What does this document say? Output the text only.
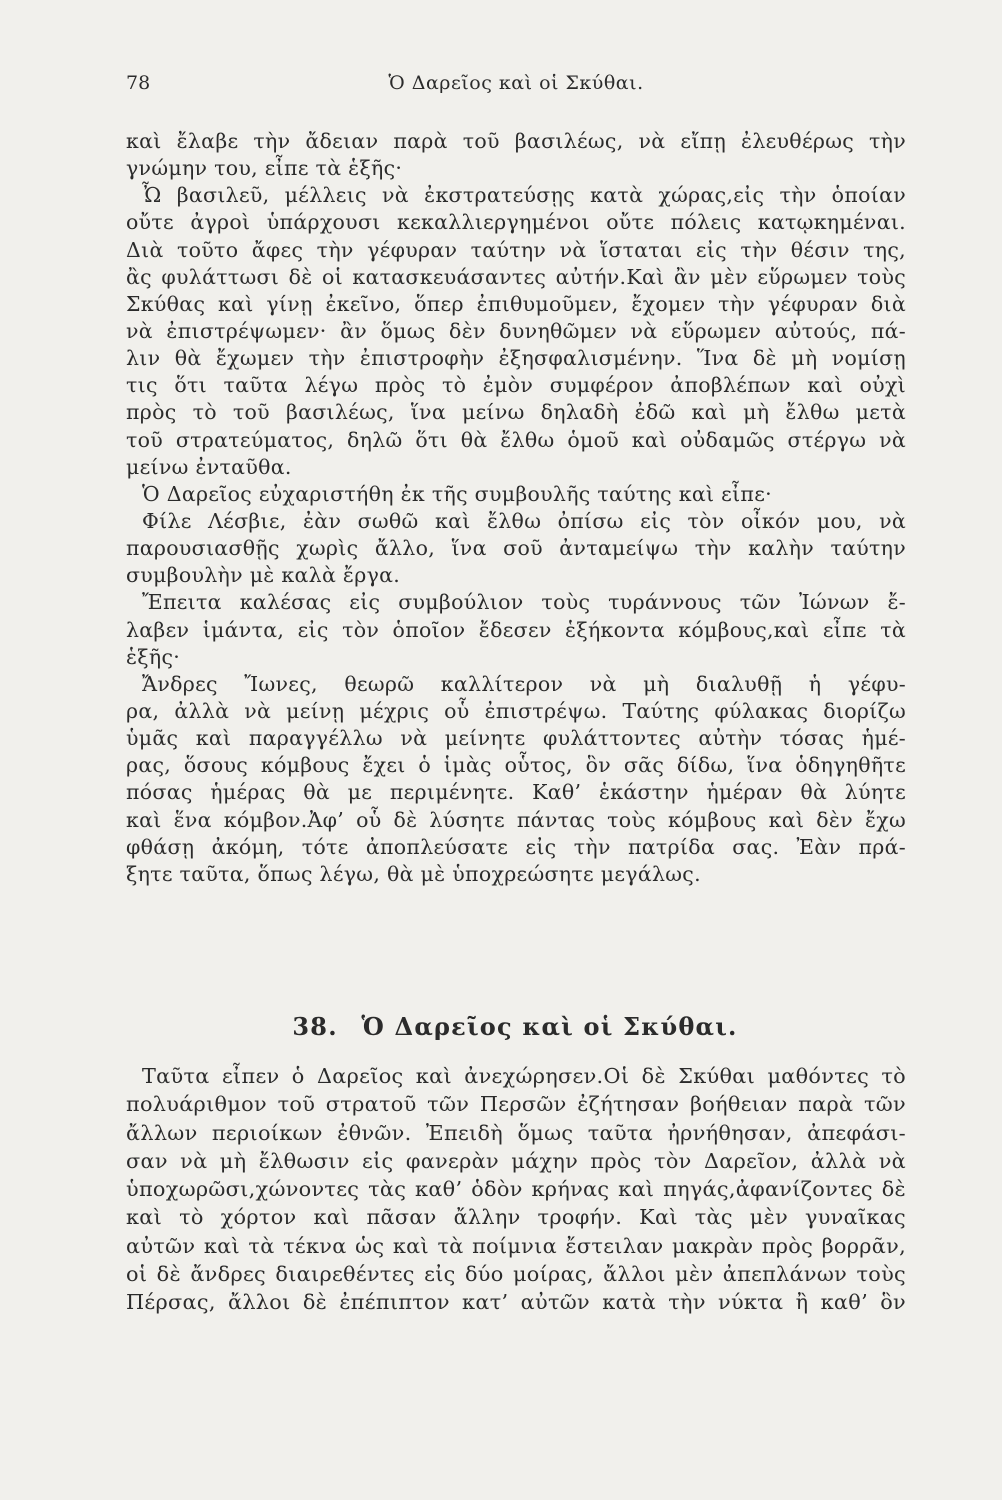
78	Ὁ Δαρεῖος καὶ οἱ Σκύθαι.
καὶ ἔλαβε τὴν ἄδειαν παρὰ τοῦ βασιλέως, νὰ εἴπῃ ἐλευθέρως τὴν
γνώμην του, εἶπε τὰ ἑξῆς·
Ὦ βασιλεῦ, μέλλεις νὰ ἐκστρατεύσῃς κατὰ χώρας,εἰς τὴν ὁποίαν
οὔτε ἀγροὶ ὑπάρχουσι κεκαλλιεργημένοι οὔτε πόλεις κατῳκημέναι.
Διὰ τοῦτο ἄφες τὴν γέφυραν ταύτην νὰ ἵσταται εἰς τὴν θέσιν της,
ἂς φυλάττωσι δὲ οἱ κατασκευάσαντες αὐτήν.Καὶ ἂν μὲν εὕρωμεν τοὺς
Σκύθας καὶ γίνῃ ἐκεῖνο, ὅπερ ἐπιθυμοῦμεν, ἔχομεν τὴν γέφυραν διὰ
νὰ ἐπιστρέψωμεν· ἂν ὅμως δὲν δυνηθῶμεν νὰ εὕρωμεν αὐτούς, πά-
λιν θὰ ἔχωμεν τὴν ἐπιστροφὴν ἐξησφαλισμένην. Ἵνα δὲ μὴ νομίσῃ
τις ὅτι ταῦτα λέγω πρὸς τὸ ἐμὸν συμφέρον ἀποβλέπων καὶ οὐχὶ
πρὸς τὸ τοῦ βασιλέως, ἵνα μείνω δηλαδὴ ἐδῶ καὶ μὴ ἔλθω μετὰ
τοῦ στρατεύματος, δηλῶ ὅτι θὰ ἔλθω ὁμοῦ καὶ οὐδαμῶς στέργω νὰ
μείνω ἐνταῦθα.
Ὁ Δαρεῖος εὐχαριστήθη ἐκ τῆς συμβουλῆς ταύτης καὶ εἶπε·
Φίλε Λέσβιε, ἐὰν σωθῶ καὶ ἔλθω ὀπίσω εἰς τὸν οἶκόν μου, νὰ
παρουσιασθῇς χωρὶς ἄλλο, ἵνα σοῦ ἀνταμείψω τὴν καλὴν ταύτην
συμβουλὴν μὲ καλὰ ἔργα.
Ἔπειτα καλέσας εἰς συμβούλιον τοὺς τυράννους τῶν Ἰώνων ἔ-
λαβεν ἱμάντα, εἰς τὸν ὁποῖον ἔδεσεν ἑξήκοντα κόμβους,καὶ εἶπε τὰ
ἑξῆς·
Ἄνδρες Ἴωνες, θεωρῶ καλλίτερον νὰ μὴ διαλυθῇ ἡ γέφυ-
ρα, ἀλλὰ νὰ μείνῃ μέχρις οὗ ἐπιστρέψω. Ταύτης φύλακας διορίζω
ὑμᾶς καὶ παραγγέλλω νὰ μείνητε φυλάττοντες αὐτὴν τόσας ἡμέ-
ρας, ὅσους κόμβους ἔχει ὁ ἱμὰς οὗτος, ὃν σᾶς δίδω, ἵνα ὁδηγηθῆτε
πόσας ἡμέρας θὰ με περιμένητε. Καθ’ ἑκάστην ἡμέραν θὰ λύητε
καὶ ἕνα κόμβον.Ἀφ’ οὗ δὲ λύσητε πάντας τοὺς κόμβους καὶ δὲν ἔχω
φθάσῃ ἀκόμη, τότε ἀποπλεύσατε εἰς τὴν πατρίδα σας. Ἐὰν πρά-
ξητε ταῦτα, ὅπως λέγω, θὰ μὲ ὑποχρεώσητε μεγάλως.
38. Ὁ Δαρεῖος καὶ οἱ Σκύθαι.
Ταῦτα εἶπεν ὁ Δαρεῖος καὶ ἀνεχώρησεν.Οἱ δὲ Σκύθαι μαθόντες τὸ
πολυάριθμον τοῦ στρατοῦ τῶν Περσῶν ἐζήτησαν βοήθειαν παρὰ τῶν
ἄλλων περιοίκων ἐθνῶν. Ἐπειδὴ ὅμως ταῦτα ἠρνήθησαν, ἀπεφάσι-
σαν νὰ μὴ ἔλθωσιν εἰς φανερὰν μάχην πρὸς τὸν Δαρεῖον, ἀλλὰ νὰ
ὑποχωρῶσι,χώνοντες τὰς καθ’ ὁδὸν κρήνας καὶ πηγάς,ἀφανίζοντες δὲ
καὶ τὸ χόρτον καὶ πᾶσαν ἄλλην τροφήν. Καὶ τὰς μὲν γυναῖκας
αὐτῶν καὶ τὰ τέκνα ὡς καὶ τὰ ποίμνια ἔστειλαν μακρὰν πρὸς βορρᾶν,
οἱ δὲ ἄνδρες διαιρεθέντες εἰς δύο μοίρας, ἄλλοι μὲν ἀπεπλάνων τοὺς
Πέρσας, ἄλλοι δὲ ἐπέπιπτον κατ’ αὐτῶν κατὰ τὴν νύκτα ἢ καθ’ ὃν
